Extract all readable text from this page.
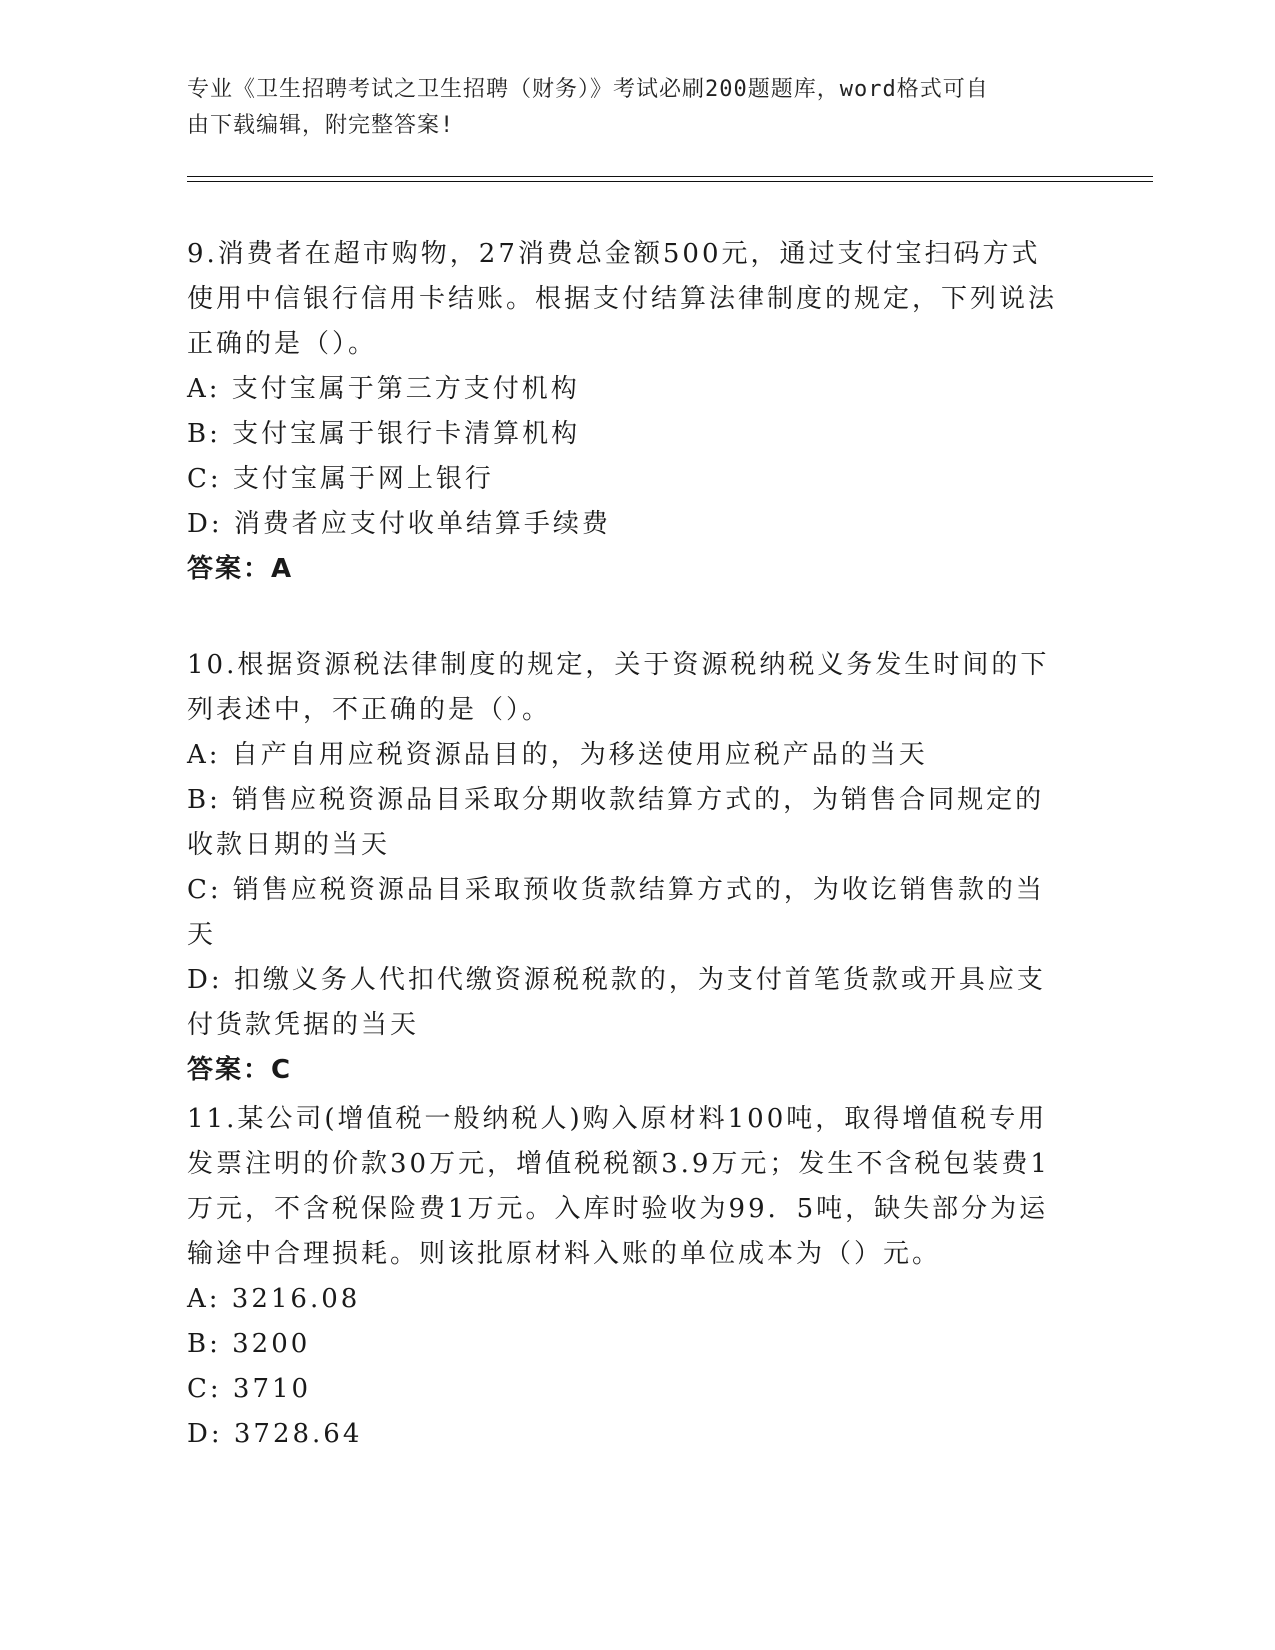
专业《卫生招聘考试之卫生招聘（财务）》考试必刷200题题库，word格式可自
由下载编辑，附完整答案!

9.消费者在超市购物，27消费总金额500元，通过支付宝扫码方式使用中信银行信用卡结账。根据支付结算法律制度的规定，下列说法正确的是（）。

A: 支付宝属于第三方支付机构

B: 支付宝属于银行卡清算机构

C: 支付宝属于网上银行

D: 消费者应支付收单结算手续费

答案：A

10.根据资源税法律制度的规定，关于资源税纳税义务发生时间的下列表述中，不正确的是（）。

A: 自产自用应税资源品目的，为移送使用应税产品的当天

B: 销售应税资源品目采取分期收款结算方式的，为销售合同规定的收款日期的当天

C: 销售应税资源品目采取预收货款结算方式的，为收讫销售款的当天

D: 扣缴义务人代扣代缴资源税税款的，为支付首笔货款或开具应支付货款凭据的当天

答案：C

11.某公司(增值税一般纳税人)购入原材料100吨，取得增值税专用发票注明的价款30万元，增值税税额3.9万元；发生不含税包装费1万元，不含税保险费1万元。入库时验收为99．5吨，缺失部分为运输途中合理损耗。则该批原材料入账的单位成本为（）元。

A: 3216.08

B: 3200

C: 3710

D: 3728.64
